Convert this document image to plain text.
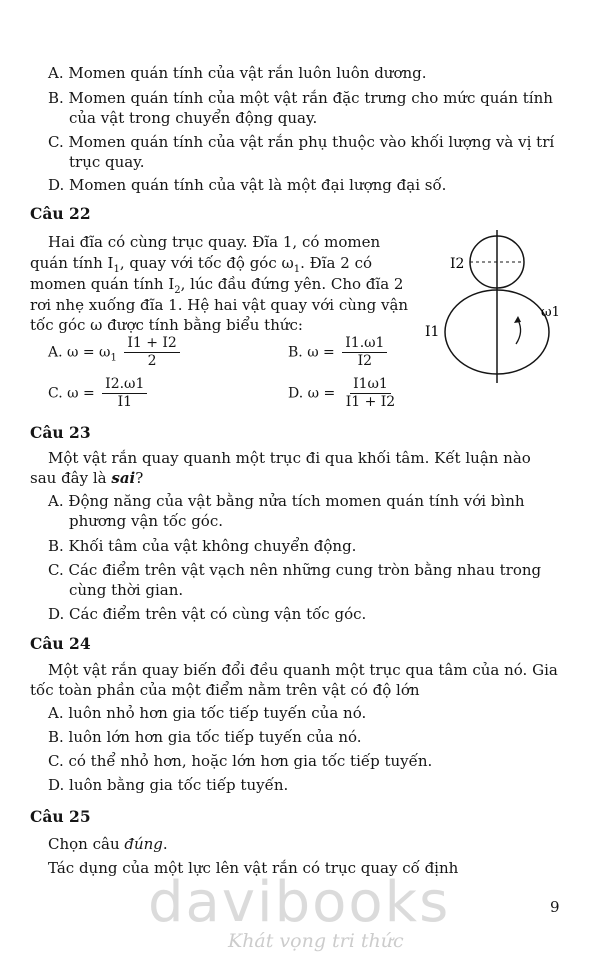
A. Momen quán tính của vật rắn luôn luôn dương.
B. Momen quán tính của một vật rắn đặc trưng cho mức quán tính
của vật trong chuyển động quay.
C. Momen quán tính của vật rắn phụ thuộc vào khối lượng và vị trí
trục quay.
D. Momen quán tính của vật là một đại lượng đại số.
Câu 22
Hai đĩa có cùng trục quay. Đĩa 1, có momen
quán tính $I_1$, quay với tốc độ góc $\omega_1$. Đĩa 2 có
momen quán tính $I_2$, lúc đầu đứng yên. Cho đĩa 2
rơi nhẹ xuống đĩa 1. Hệ hai vật quay với cùng vận
tốc góc ω được tính bằng biểu thức:
A. $\omega = \omega_1 \frac{I1 + I2}{2}$	B. $\omega = \frac{I1.\omega 1}{I2}$
C. $\omega = \frac{I2.\omega 1}{I1}$	D. $\omega = \frac{I1\omega 1}{I1 + I2}$
I2
I1
ω1
Câu 23
Một vật rắn quay quanh một trục đi qua khối tâm. Kết luận nào
sau đây là sai?
A. Động năng của vật bằng nửa tích momen quán tính với bình
phương vận tốc góc.
B. Khối tâm của vật không chuyển động.
C. Các điểm trên vật vạch nên những cung tròn bằng nhau trong
cùng thời gian.
D. Các điểm trên vật có cùng vận tốc góc.
Câu 24
Một vật rắn quay biến đổi đều quanh một trục qua tâm của nó. Gia
tốc toàn phần của một điểm nằm trên vật có độ lớn
A. luôn nhỏ hơn gia tốc tiếp tuyến của nó.
B. luôn lớn hơn gia tốc tiếp tuyến của nó.
C. có thể nhỏ hơn, hoặc lớn hơn gia tốc tiếp tuyến.
D. luôn bằng gia tốc tiếp tuyến.
Câu 25
Chọn câu đúng.
Tác dụng của một lực lên vật rắn có trục quay cố định
davibooks
Khát vọng tri thức
9
